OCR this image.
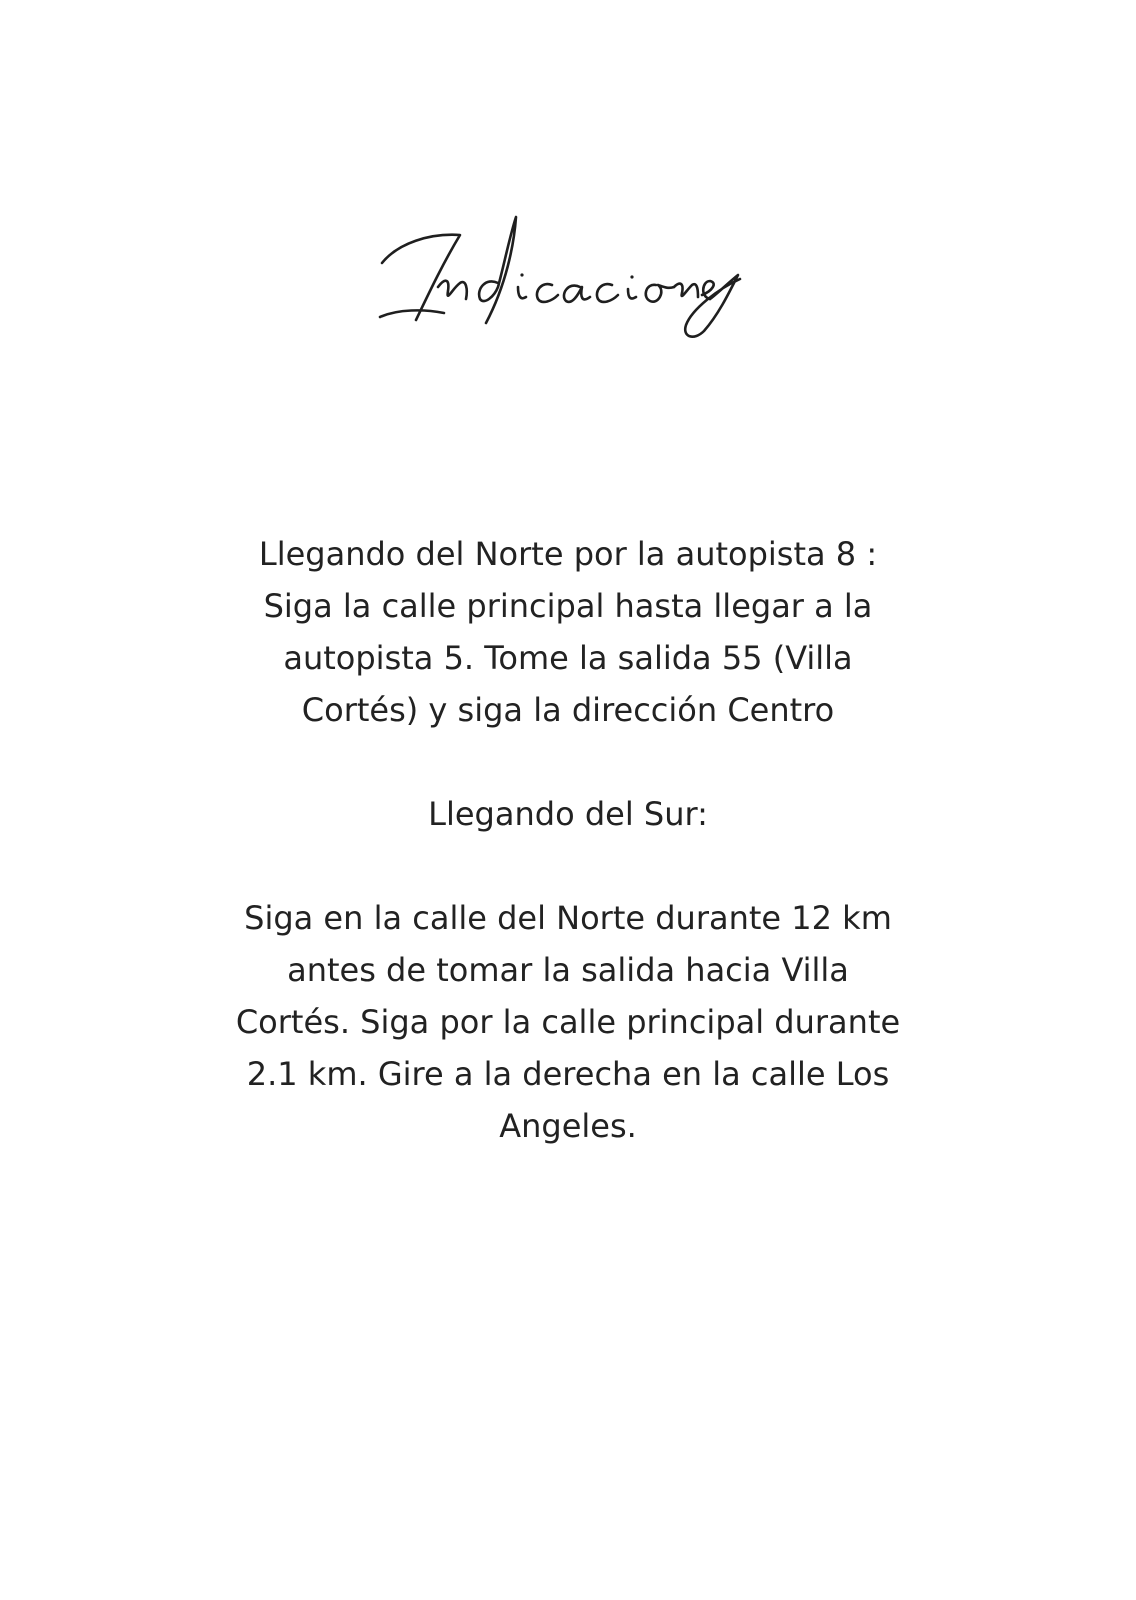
Llegando del Norte por la autopista 8 :
Siga la calle principal hasta llegar a la
autopista 5. Tome la salida 55 (Villa
Cortés) y siga la dirección Centro

Llegando del Sur:

Siga en la calle del Norte durante 12 km
antes de tomar la salida hacia Villa
Cortés. Siga por la calle principal durante
2.1 km. Gire a la derecha en la calle Los
Angeles.
